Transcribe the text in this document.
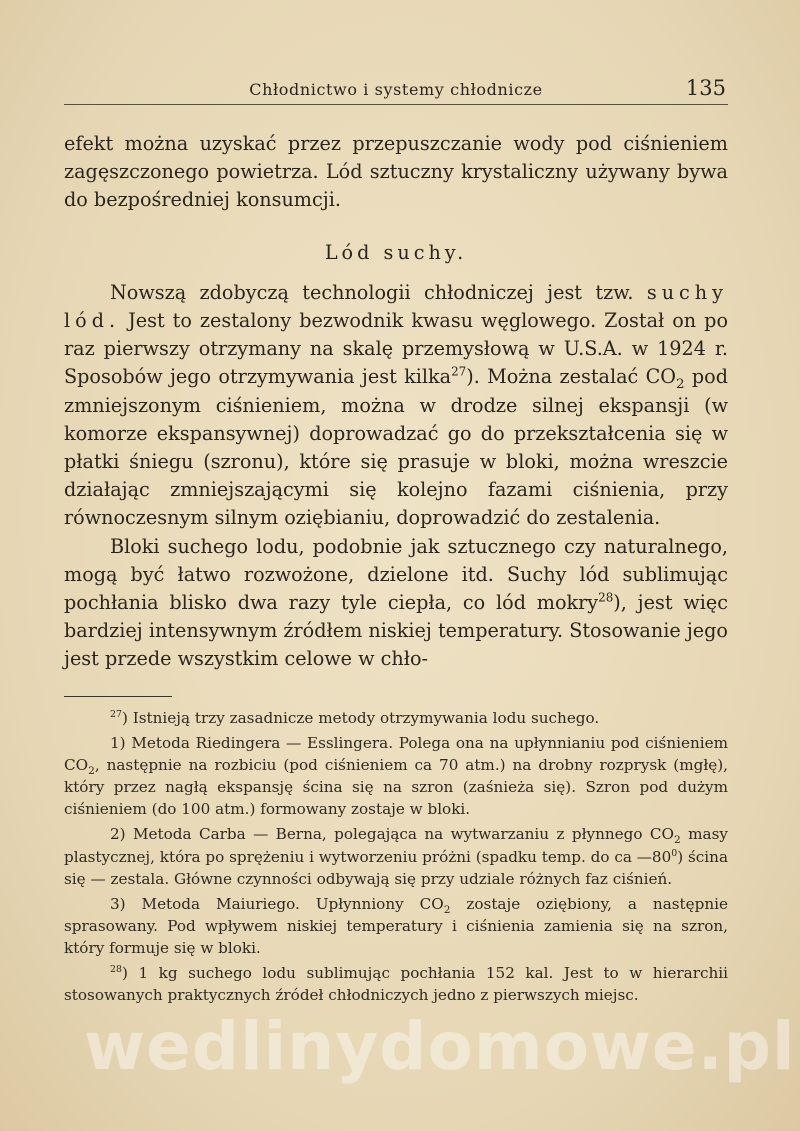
Chłodnictwo i systemy chłodnicze	135

efekt można uzyskać przez przepuszczanie wody pod ciśnieniem zagęszczonego powietrza. Lód sztuczny krystaliczny używany bywa do bezpośredniej konsumcji.

Lód suchy.

Nowszą zdobyczą technologii chłodniczej jest tzw. suchy lód. Jest to zestalony bezwodnik kwasu węglowego. Został on po raz pierwszy otrzymany na skalę przemysłową w U.S.A. w 1924 r. Sposobów jego otrzymywania jest kilka$^{27}$). Można zestalać $CO_2$ pod zmniejszonym ciśnieniem, można w drodze silnej ekspansji (w komorze ekspansywnej) doprowadzać go do przekształcenia się w płatki śniegu (szronu), które się prasuje w bloki, można wreszcie działając zmniejszającymi się kolejno fazami ciśnienia, przy równoczesnym silnym oziębianiu, doprowadzić do zestalenia.

Bloki suchego lodu, podobnie jak sztucznego czy naturalnego, mogą być łatwo rozwożone, dzielone itd. Suchy lód sublimując pochłania blisko dwa razy tyle ciepła, co lód mokry$^{28}$), jest więc bardziej intensywnym źródłem niskiej temperatury. Stosowanie jego jest przede wszystkim celowe w chło-

$^{27}$) Istnieją trzy zasadnicze metody otrzymywania lodu suchego.

1) Metoda Riedingera — Esslingera. Polega ona na upłynnianiu pod ciśnieniem $CO_2$, następnie na rozbiciu (pod ciśnieniem ca 70 atm.) na drobny rozprysk (mgłę), który przez nagłą ekspansję ścina się na szron (zaśnieża się). Szron pod dużym ciśnieniem (do 100 atm.) formowany zostaje w bloki.

2) Metoda Carba — Berna, polegająca na wytwarzaniu z płynnego $CO_2$ masy plastycznej, która po sprężeniu i wytworzeniu próżni (spadku temp. do ca $—80^0$) ścina się — zestala. Główne czynności odbywają się przy udziale różnych faz ciśnień.

3) Metoda Maiuriego. Upłynniony $CO_2$ zostaje oziębiony, a następnie sprasowany. Pod wpływem niskiej temperatury i ciśnienia zamienia się na szron, który formuje się w bloki.

$^{28}$) 1 kg suchego lodu sublimując pochłania 152 kal. Jest to w hierarchii stosowanych praktycznych źródeł chłodniczych jedno z pierwszych miejsc.

wedlinydomowe.pl
